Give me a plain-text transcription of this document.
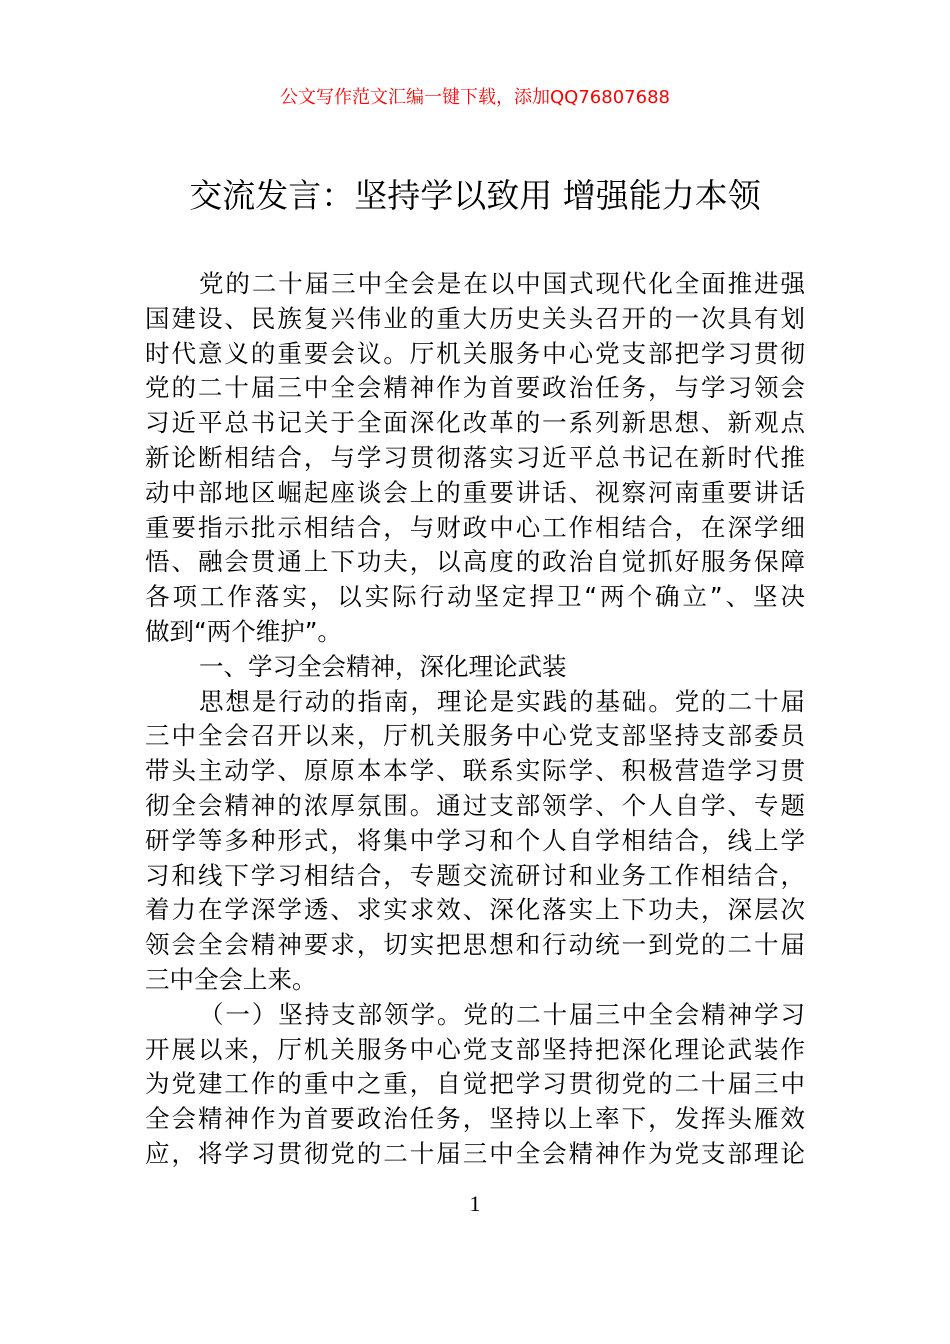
公文写作范文汇编一键下载，添加QQ76807688
交流发言：坚持学以致用 增强能力本领
党的二十届三中全会是在以中国式现代化全面推进强
国建设、民族复兴伟业的重大历史关头召开的一次具有划
时代意义的重要会议。厅机关服务中心党支部把学习贯彻
党的二十届三中全会精神作为首要政治任务，与学习领会
习近平总书记关于全面深化改革的一系列新思想、新观点
新论断相结合，与学习贯彻落实习近平总书记在新时代推
动中部地区崛起座谈会上的重要讲话、视察河南重要讲话
重要指示批示相结合，与财政中心工作相结合，在深学细
悟、融会贯通上下功夫，以高度的政治自觉抓好服务保障
各项工作落实，以实际行动坚定捍卫“两个确立”、坚决
做到“两个维护”。
一、学习全会精神，深化理论武装
思想是行动的指南，理论是实践的基础。党的二十届
三中全会召开以来，厅机关服务中心党支部坚持支部委员
带头主动学、原原本本学、联系实际学、积极营造学习贯
彻全会精神的浓厚氛围。通过支部领学、个人自学、专题
研学等多种形式，将集中学习和个人自学相结合，线上学
习和线下学习相结合，专题交流研讨和业务工作相结合，
着力在学深学透、求实求效、深化落实上下功夫，深层次
领会全会精神要求，切实把思想和行动统一到党的二十届
三中全会上来。
（一）坚持支部领学。党的二十届三中全会精神学习
开展以来，厅机关服务中心党支部坚持把深化理论武装作
为党建工作的重中之重，自觉把学习贯彻党的二十届三中
全会精神作为首要政治任务，坚持以上率下，发挥头雁效
应，将学习贯彻党的二十届三中全会精神作为党支部理论
1
